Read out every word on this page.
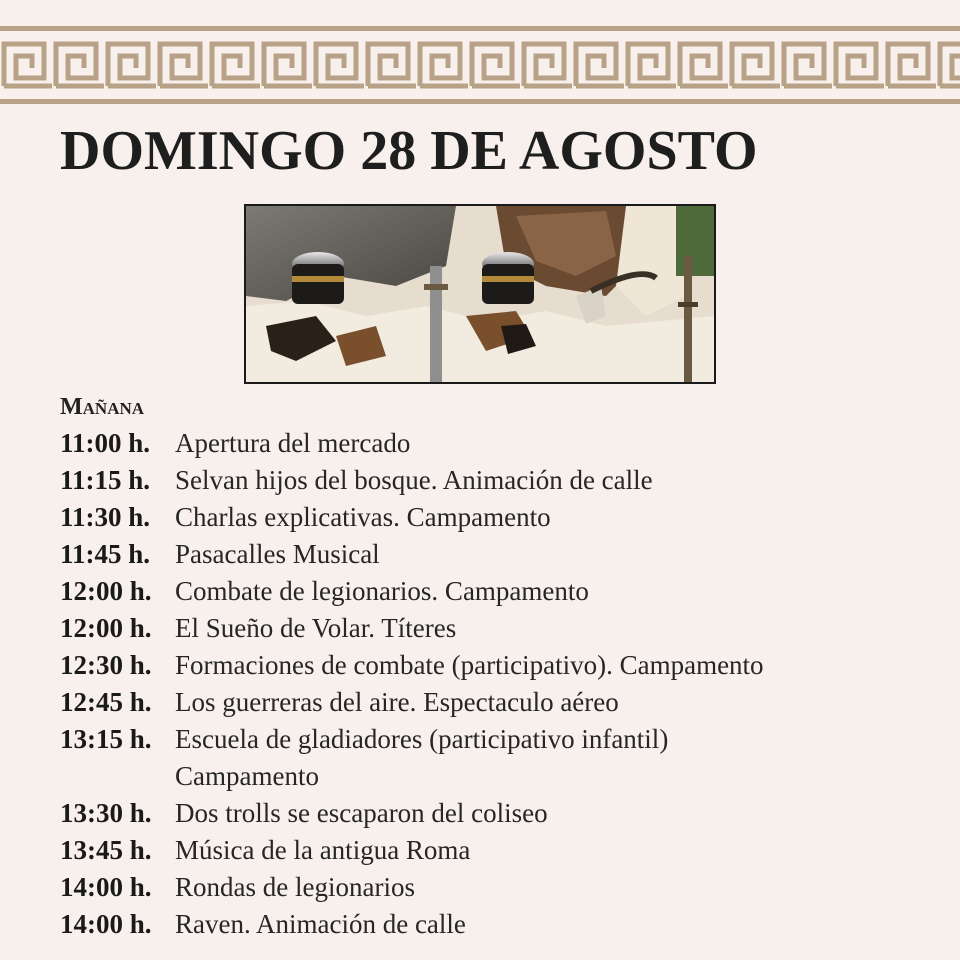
DOMINGO 28 DE AGOSTO
Mañana
11:00 h. Apertura del mercado
11:15 h. Selvan hijos del bosque. Animación de calle
11:30 h. Charlas explicativas. Campamento
11:45 h. Pasacalles Musical
12:00 h. Combate de legionarios. Campamento
12:00 h. El Sueño de Volar. Títeres
12:30 h. Formaciones de combate (participativo). Campamento
12:45 h. Los guerreras del aire. Espectaculo aéreo
13:15 h. Escuela de gladiadores (participativo infantil)
Campamento
13:30 h. Dos trolls se escaparon del coliseo
13:45 h. Música de la antigua Roma
14:00 h. Rondas de legionarios
14:00 h. Raven. Animación de calle
